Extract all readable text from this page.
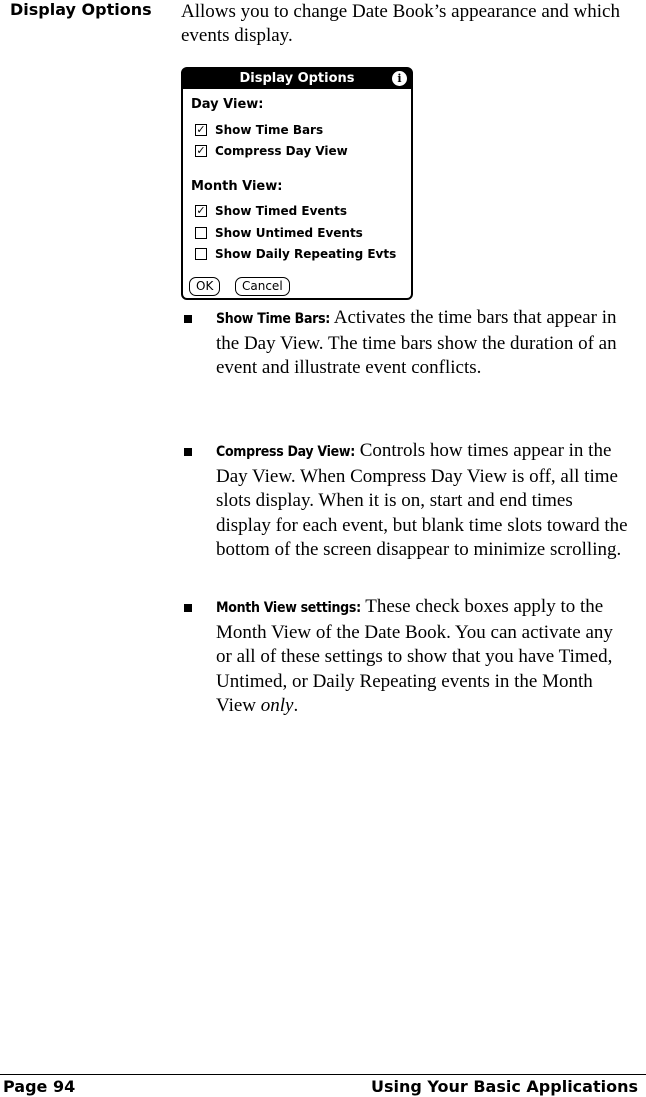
Display Options Allows you to change Date Book’s appearance and which events display.
Display Options	i
Day View:
✓ Show Time Bars
✓ Compress Day View
Month View:
✓ Show Timed Events
Show Untimed Events
Show Daily Repeating Evts
OK	Cancel
Show Time Bars: Activates the time bars that appear in the Day View. The time bars show the duration of an event and illustrate event conflicts.
Compress Day View: Controls how times appear in the Day View. When Compress Day View is off, all time slots display. When it is on, start and end times display for each event, but blank time slots toward the bottom of the screen disappear to minimize scrolling.
Month View settings: These check boxes apply to the Month View of the Date Book. You can activate any or all of these settings to show that you have Timed, Untimed, or Daily Repeating events in the Month View only.
Page 94	Using Your Basic Applications
